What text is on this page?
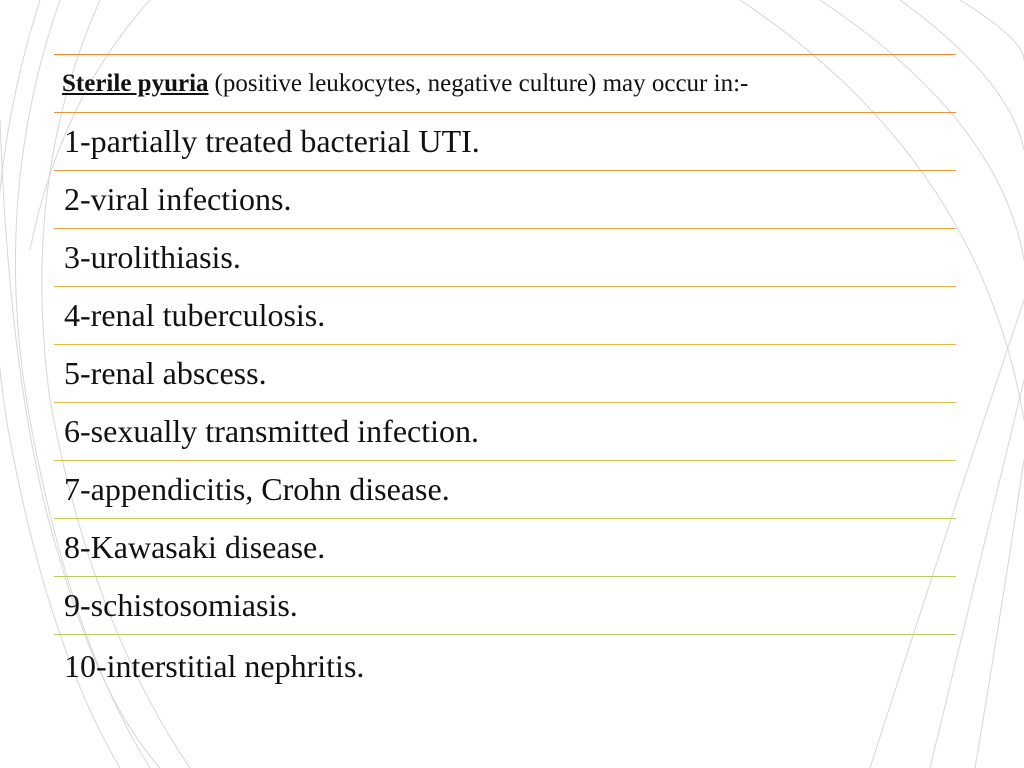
Sterile pyuria (positive leukocytes, negative culture) may occur in:-
1-partially treated bacterial UTI.
2-viral infections.
3-urolithiasis.
4-renal tuberculosis.
5-renal abscess.
6-sexually transmitted infection.
7-appendicitis, Crohn disease.
8-Kawasaki disease.
9-schistosomiasis.
10-interstitial nephritis.
